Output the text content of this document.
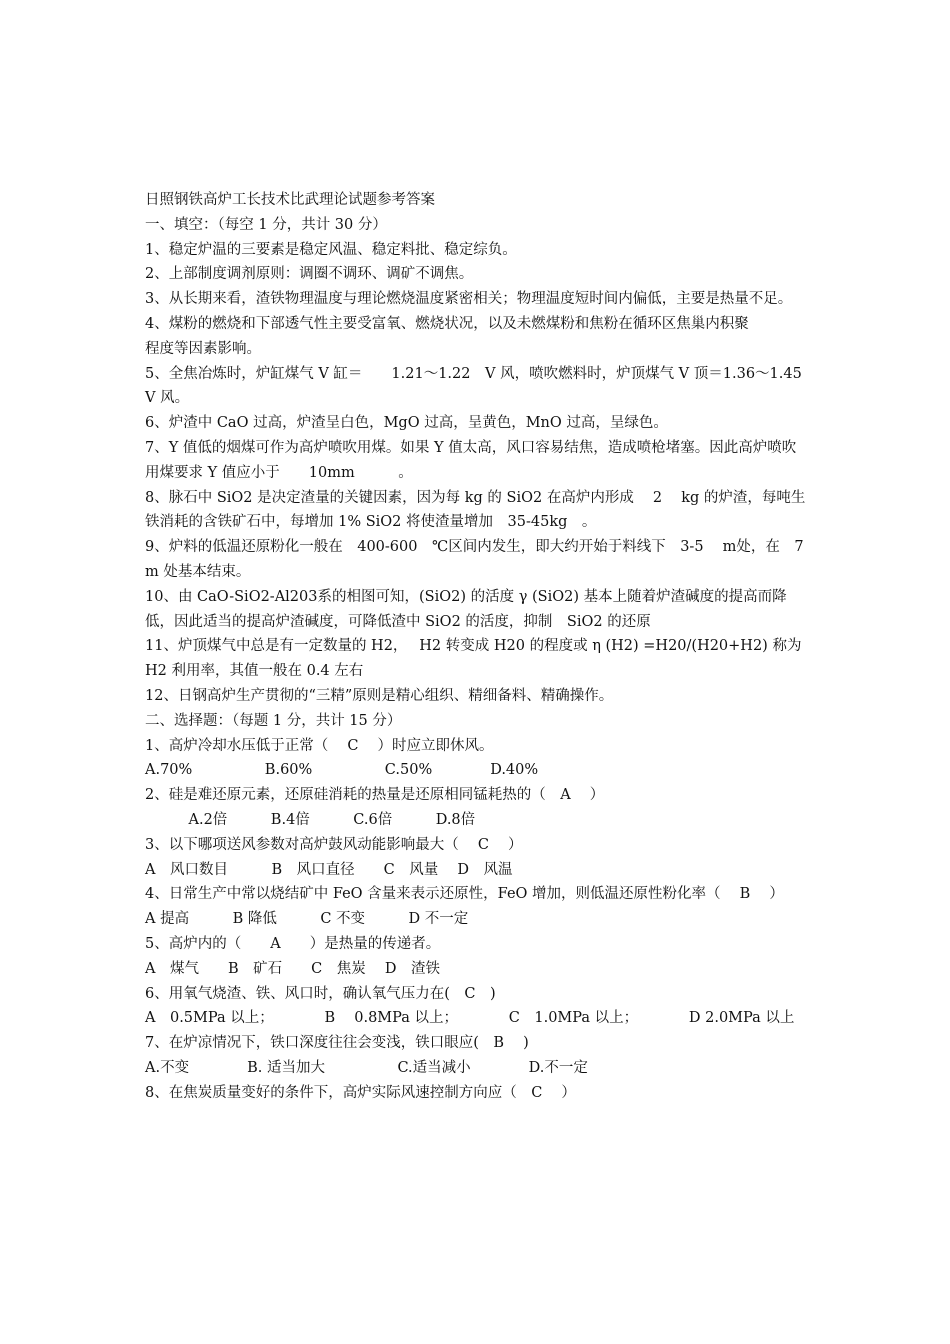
日照钢铁高炉工长技术比武理论试题参考答案
一、填空：（每空 1 分，共计 30 分）
1、稳定炉温的三要素是稳定风温、稳定料批、稳定综负。
2、上部制度调剂原则：调圈不调环、调矿不调焦。
3、从长期来看，渣铁物理温度与理论燃烧温度紧密相关；物理温度短时间内偏低，主要是热量不足。
4、煤粉的燃烧和下部透气性主要受富氧、燃烧状况，以及未燃煤粉和焦粉在循环区焦巢内积聚
程度等因素影响。
5、全焦冶炼时，炉缸煤气 V 缸＝　　1.21～1.22　V 风，喷吹燃料时，炉顶煤气 V 顶＝1.36～1.45　V 风。
6、炉渣中 CaO 过高，炉渣呈白色，MgO 过高，呈黄色，MnO 过高，呈绿色。
7、Y 值低的烟煤可作为高炉喷吹用煤。如果 Y 值太高，风口容易结焦，造成喷枪堵塞。因此高炉喷吹用煤要求 Y 值应小于　　10mm　　　。
8、脉石中 SiO2 是决定渣量的关键因素，因为每 kg 的 SiO2 在高炉内形成　 2　 kg 的炉渣，每吨生铁消耗的含铁矿石中，每增加 1% SiO2 将使渣量增加　35-45kg　。
9、炉料的低温还原粉化一般在　400-600　℃区间内发生，即大约开始于料线下　3-5　 m处，在　7　m 处基本结束。
10、由 CaO-SiO2-Al203系的相图可知，(SiO2) 的活度 γ (SiO2) 基本上随着炉渣碱度的提高而降低，因此适当的提高炉渣碱度，可降低渣中 SiO2 的活度，抑制　SiO2 的还原
11、炉顶煤气中总是有一定数量的 H2，　 H2 转变成 H20 的程度或 η (H2) =H20/(H20+H2) 称为 H2 利用率，其值一般在 0.4 左右
12、日钢高炉生产贯彻的“三精”原则是精心组织、精细备料、精确操作。
二、选择题：（每题 1 分，共计 15 分）
1、高炉冷却水压低于正常（　 C　 ）时应立即休风。
A.70%　　　　　B.60%　　　　　C.50%　　　　D.40%
2、硅是难还原元素，还原硅消耗的热量是还原相同锰耗热的（　A　 ）
　　　A.2倍　　　B.4倍　　　C.6倍　　　D.8倍
3、以下哪项送风参数对高炉鼓风动能影响最大（　 C　 ）
A　风口数目　　　B　风口直径　　C　风量　 D　风温
4、日常生产中常以烧结矿中 FeO 含量来表示还原性，FeO 增加，则低温还原性粉化率（　 B　 ）
A 提高　　　B 降低　　　C 不变　　　D 不一定
5、高炉内的（　　A　　）是热量的传递者。
A　煤气　　B　矿石　　C　焦炭　 D　渣铁
6、用氧气烧渣、铁、风口时，确认氧气压力在(　C　)
A　0.5MPa 以上；　　　　B　 0.8MPa 以上；　　　　C　1.0MPa 以上；　　　　D 2.0MPa 以上
7、在炉凉情况下，铁口深度往往会变浅，铁口眼应(　B　 )
A.不变　　　　B. 适当加大　　　　　C.适当减小　　　　D.不一定
8、在焦炭质量变好的条件下，高炉实际风速控制方向应（　C　 ）
